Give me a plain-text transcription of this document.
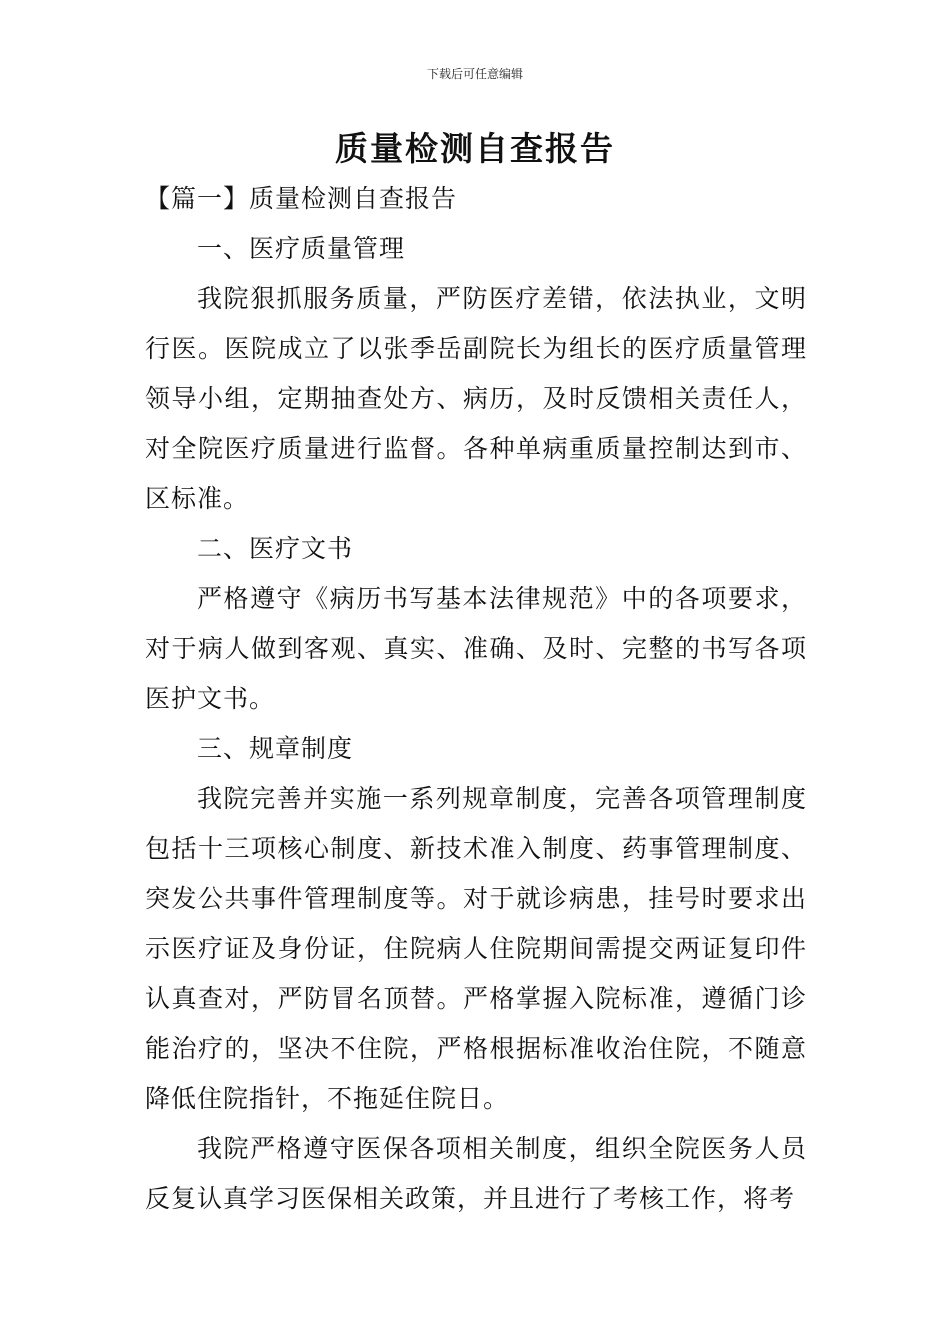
下载后可任意编辑
质量检测自查报告

【篇一】质量检测自查报告

一、医疗质量管理

我院狠抓服务质量，严防医疗差错，依法执业，文明行医。医院成立了以张季岳副院长为组长的医疗质量管理领导小组，定期抽查处方、病历，及时反馈相关责任人，对全院医疗质量进行监督。各种单病重质量控制达到市、区标准。

二、医疗文书

严格遵守《病历书写基本法律规范》中的各项要求，对于病人做到客观、真实、准确、及时、完整的书写各项医护文书。

三、规章制度

我院完善并实施一系列规章制度，完善各项管理制度包括十三项核心制度、新技术准入制度、药事管理制度、突发公共事件管理制度等。对于就诊病患，挂号时要求出示医疗证及身份证，住院病人住院期间需提交两证复印件认真查对，严防冒名顶替。严格掌握入院标准，遵循门诊能治疗的，坚决不住院，严格根据标准收治住院，不随意降低住院指针，不拖延住院日。

我院严格遵守医保各项相关制度，组织全院医务人员反复认真学习医保相关政策，并且进行了考核工作，将考
